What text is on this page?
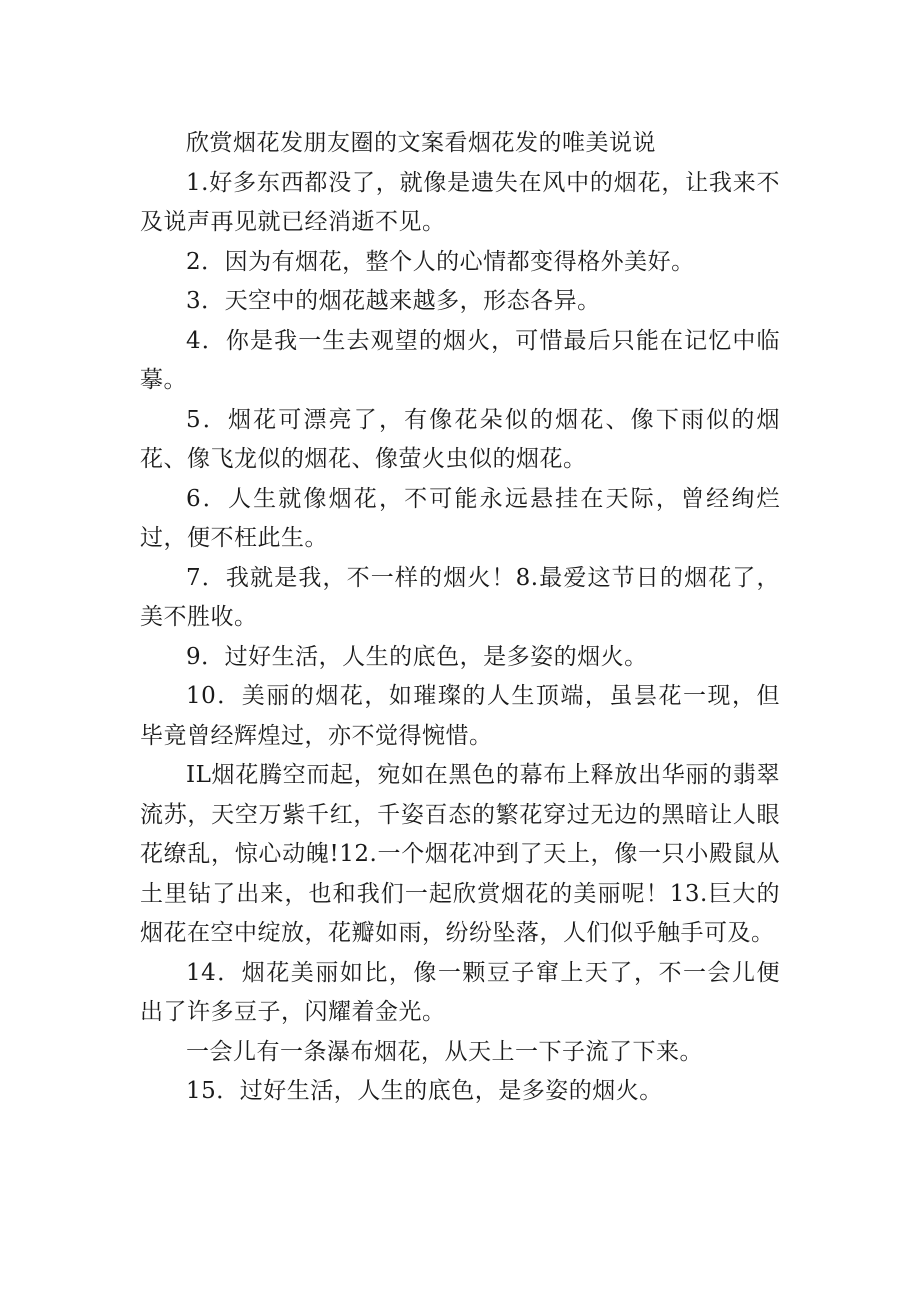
欣赏烟花发朋友圈的文案看烟花发的唯美说说

1.好多东西都没了，就像是遗失在风中的烟花，让我来不及说声再见就已经消逝不见。

2．因为有烟花，整个人的心情都变得格外美好。

3．天空中的烟花越来越多，形态各异。

4．你是我一生去观望的烟火，可惜最后只能在记忆中临摹。

5．烟花可漂亮了，有像花朵似的烟花、像下雨似的烟花、像飞龙似的烟花、像萤火虫似的烟花。

6．人生就像烟花，不可能永远悬挂在天际，曾经绚烂过，便不枉此生。

7．我就是我，不一样的烟火！8.最爱这节日的烟花了，美不胜收。

9．过好生活，人生的底色，是多姿的烟火。

10．美丽的烟花，如璀璨的人生顶端，虽昙花一现，但毕竟曾经辉煌过，亦不觉得惋惜。

IL烟花腾空而起，宛如在黑色的幕布上释放出华丽的翡翠流苏，天空万紫千红，千姿百态的繁花穿过无边的黑暗让人眼花缭乱，惊心动魄!12.一个烟花冲到了天上，像一只小殿鼠从土里钻了出来，也和我们一起欣赏烟花的美丽呢！13.巨大的烟花在空中绽放，花瓣如雨，纷纷坠落，人们似乎触手可及。

14．烟花美丽如比，像一颗豆子窜上天了，不一会儿便出了许多豆子，闪耀着金光。

一会儿有一条瀑布烟花，从天上一下子流了下来。

15．过好生活，人生的底色，是多姿的烟火。
